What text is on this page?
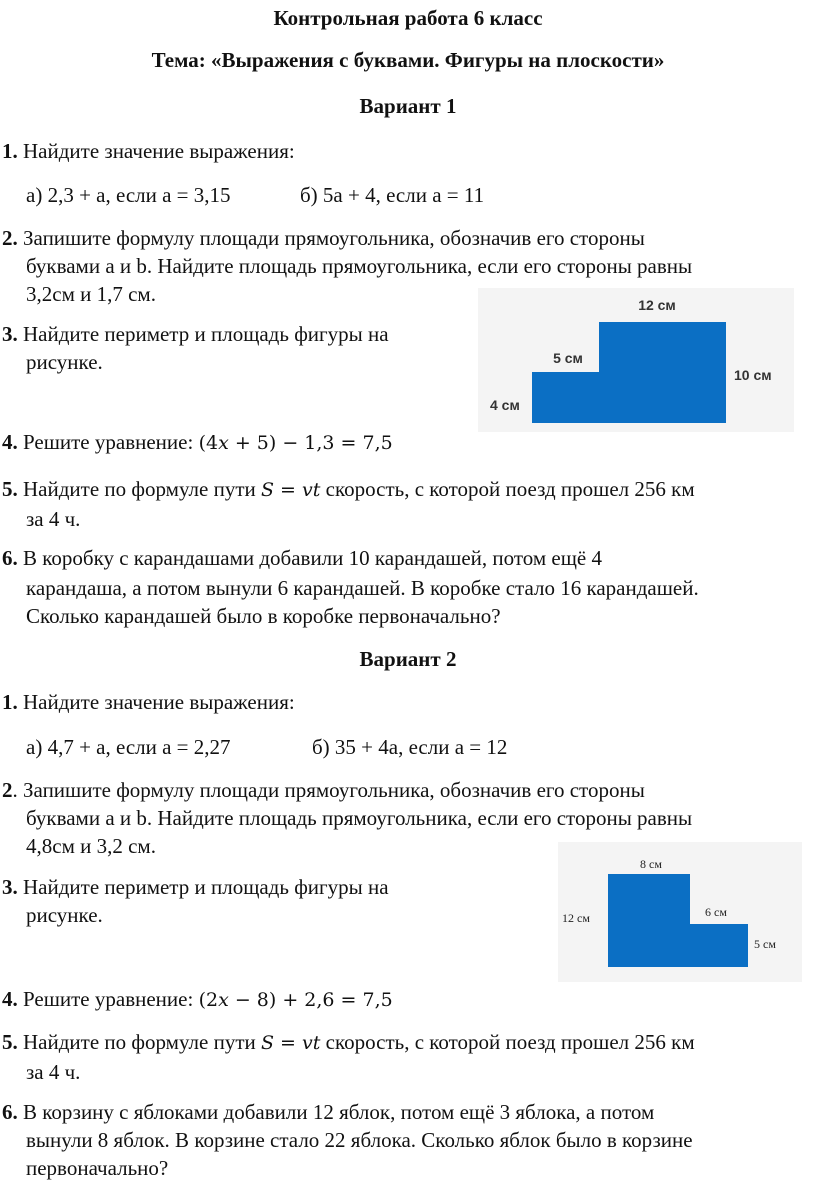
Контрольная работа 6 класс
Тема: «Выражения с буквами. Фигуры на плоскости»
Вариант 1
1. Найдите значение выражения:
а) 2,3 + а, если а = 3,15	б) 5а + 4, если а = 11
2. Запишите формулу площади прямоугольника, обозначив его стороны
буквами a и b. Найдите площадь прямоугольника, если его стороны равны
3,2см и 1,7 см.	12 см
5 см
10 см
4 см
3. Найдите периметр и площадь фигуры на
рисунке.
4. Решите уравнение: (4𝑥 + 5) − 1,3 = 7,5
5. Найдите по формуле пути 𝑆 = 𝑣𝑡 скорость, с которой поезд прошел 256 км
за 4 ч.
6. В коробку с карандашами добавили 10 карандашей, потом ещё 4
карандаша, а потом вынули 6 карандашей. В коробке стало 16 карандашей.
Сколько карандашей было в коробке первоначально?
Вариант 2
1. Найдите значение выражения:
а) 4,7 + а, если а = 2,27	б) 35 + 4а, если а = 12
2. Запишите формулу площади прямоугольника, обозначив его стороны
буквами a и b. Найдите площадь прямоугольника, если его стороны равны
4,8см и 3,2 см.
8 см
12 см	6 см
5 см
3. Найдите периметр и площадь фигуры на
рисунке.
4. Решите уравнение: (2𝑥 − 8) + 2,6 = 7,5
5. Найдите по формуле пути 𝑆 = 𝑣𝑡 скорость, с которой поезд прошел 256 км
за 4 ч.
6. В корзину с яблоками добавили 12 яблок, потом ещё 3 яблока, а потом
вынули 8 яблок. В корзине стало 22 яблока. Сколько яблок было в корзине
первоначально?
